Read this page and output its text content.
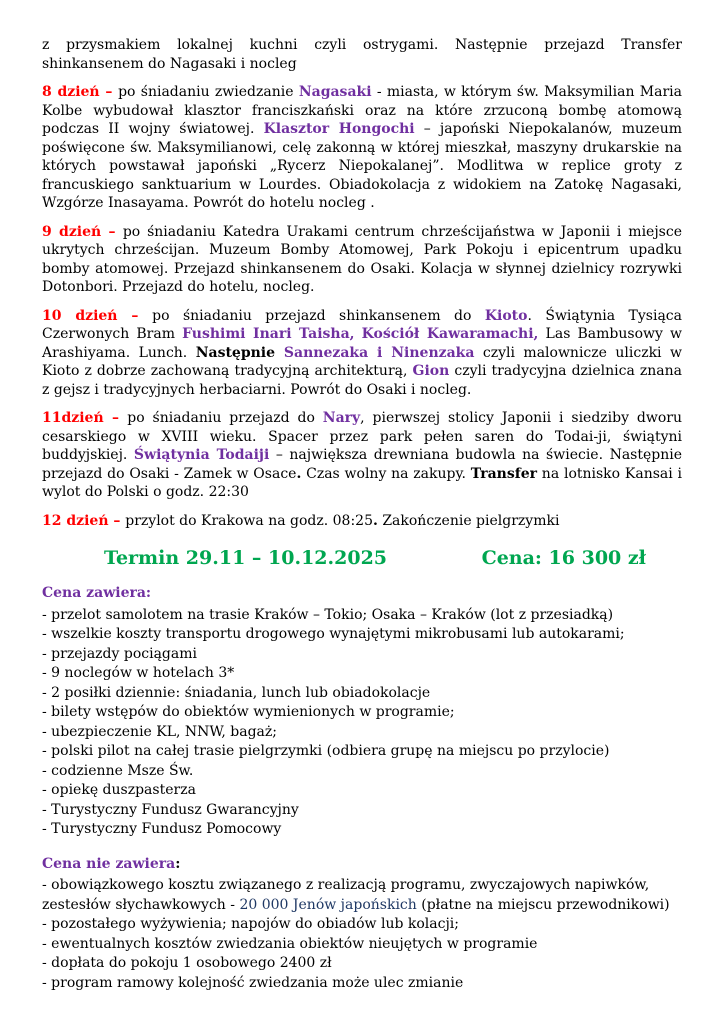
z przysmakiem lokalnej kuchni czyli ostrygami. Następnie przejazd Transfer shinkansenem do Nagasaki i nocleg

8 dzień – po śniadaniu zwiedzanie Nagasaki - miasta, w którym św. Maksymilian Maria Kolbe wybudował klasztor franciszkański oraz na które zrzuconą bombę atomową podczas II wojny światowej. Klasztor Hongochi – japoński Niepokalanów, muzeum poświęcone św. Maksymilianowi, celę zakonną w której mieszkał, maszyny drukarskie na których powstawał japoński „Rycerz Niepokalanej”. Modlitwa w replice groty z francuskiego sanktuarium w Lourdes. Obiadokolacja z widokiem na Zatokę Nagasaki, Wzgórze Inasayama. Powrót do hotelu nocleg .

9 dzień – po śniadaniu Katedra Urakami centrum chrześcijaństwa w Japonii i miejsce ukrytych chrześcijan. Muzeum Bomby Atomowej, Park Pokoju i epicentrum upadku bomby atomowej. Przejazd shinkansenem do Osaki. Kolacja w słynnej dzielnicy rozrywki Dotonbori. Przejazd do hotelu, nocleg.

10 dzień – po śniadaniu przejazd shinkansenem do Kioto. Świątynia Tysiąca Czerwonych Bram Fushimi Inari Taisha, Kościół Kawaramachi, Las Bambusowy w Arashiyama. Lunch. Następnie Sannezaka i Ninenzaka czyli malownicze uliczki w Kioto z dobrze zachowaną tradycyjną architekturą, Gion czyli tradycyjna dzielnica znana z gejsz i tradycyjnych herbaciarni. Powrót do Osaki i nocleg.

11dzień – po śniadaniu przejazd do Nary, pierwszej stolicy Japonii i siedziby dworu cesarskiego w XVIII wieku. Spacer przez park pełen saren do Todai-ji, świątyni buddyjskiej. Świątynia Todaiji – największa drewniana budowla na świecie. Następnie przejazd do Osaki - Zamek w Osace. Czas wolny na zakupy. Transfer na lotnisko Kansai i wylot do Polski o godz. 22:30

12 dzień – przylot do Krakowa na godz. 08:25. Zakończenie pielgrzymki

Termin 29.11 – 10.12.2025	Cena: 16 300 zł

Cena zawiera:

- przelot samolotem na trasie Kraków – Tokio; Osaka – Kraków (lot z przesiadką)
- wszelkie koszty transportu drogowego wynajętymi mikrobusami lub autokarami;
- przejazdy pociągami
- 9 noclegów w hotelach 3*
- 2 posiłki dziennie: śniadania, lunch lub obiadokolacje
- bilety wstępów do obiektów wymienionych w programie;
- ubezpieczenie KL, NNW, bagaż;
- polski pilot na całej trasie pielgrzymki (odbiera grupę na miejscu po przylocie)
- codzienne Msze Św.
- opiekę duszpasterza
- Turystyczny Fundusz Gwarancyjny
- Turystyczny Fundusz Pomocowy

Cena nie zawiera:

- obowiązkowego kosztu związanego z realizacją programu, zwyczajowych napiwków, zestesłów słychawkowych - 20 000 Jenów japońskich (płatne na miejscu przewodnikowi)
- pozostałego wyżywienia; napojów do obiadów lub kolacji;
- ewentualnych kosztów zwiedzania obiektów nieujętych w programie
- dopłata do pokoju 1 osobowego 2400 zł
- program ramowy kolejność zwiedzania może ulec zmianie
